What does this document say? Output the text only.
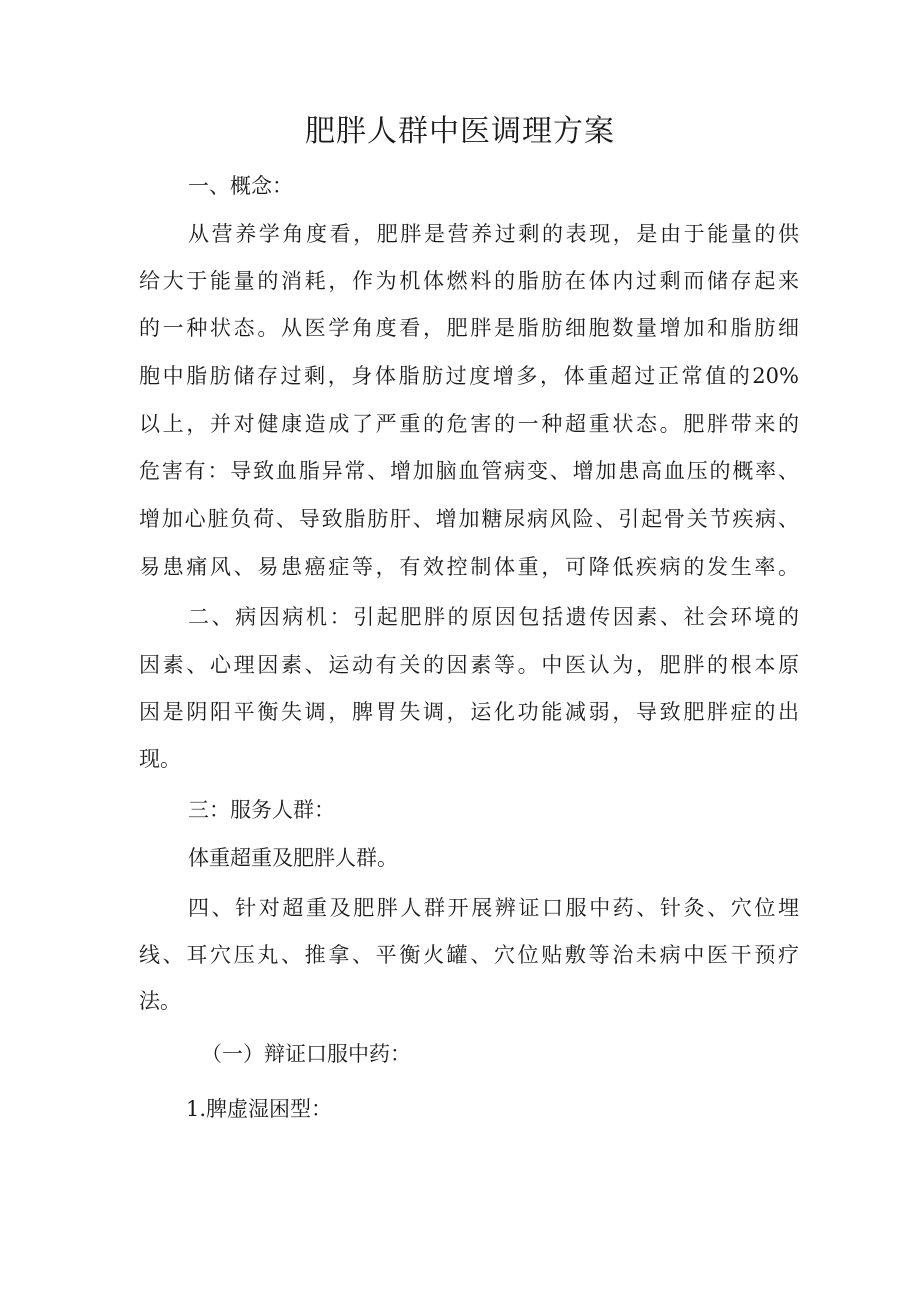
肥胖人群中医调理方案

一、概念：

从营养学角度看，肥胖是营养过剩的表现，是由于能量的供

给大于能量的消耗，作为机体燃料的脂肪在体内过剩而储存起来

的一种状态。从医学角度看，肥胖是脂肪细胞数量增加和脂肪细

胞中脂肪储存过剩，身体脂肪过度增多，体重超过正常值的20%

以上，并对健康造成了严重的危害的一种超重状态。肥胖带来的

危害有：导致血脂异常、增加脑血管病变、增加患高血压的概率、

增加心脏负荷、导致脂肪肝、增加糖尿病风险、引起骨关节疾病、

易患痛风、易患癌症等，有效控制体重，可降低疾病的发生率。

二、病因病机：引起肥胖的原因包括遗传因素、社会环境的

因素、心理因素、运动有关的因素等。中医认为，肥胖的根本原

因是阴阳平衡失调，脾胃失调，运化功能减弱，导致肥胖症的出

现。

三：服务人群：

体重超重及肥胖人群。

四、针对超重及肥胖人群开展辨证口服中药、针灸、穴位埋

线、耳穴压丸、推拿、平衡火罐、穴位贴敷等治未病中医干预疗

法。

（一）辩证口服中药：

1.脾虚湿困型：
